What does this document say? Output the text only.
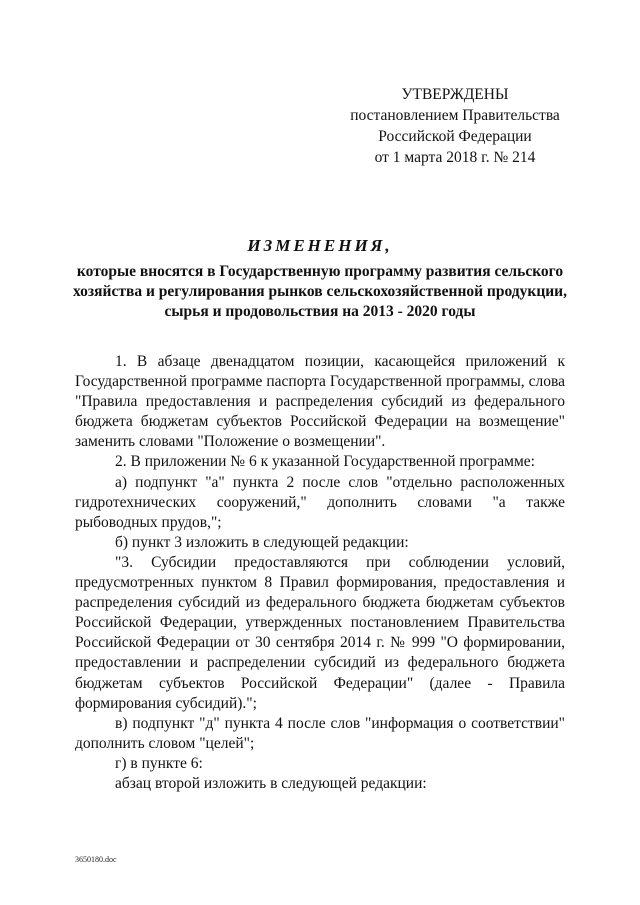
УТВЕРЖДЕНЫ
постановлением Правительства
Российской Федерации
от 1 марта 2018 г. № 214
ИЗМЕНЕНИЯ,
которые вносятся в Государственную программу развития сельского
хозяйства и регулирования рынков сельскохозяйственной продукции,
сырья и продовольствия на 2013 - 2020 годы

1. В абзаце двенадцатом позиции, касающейся приложений к Государственной программе паспорта Государственной программы, слова "Правила предоставления и распределения субсидий из федерального бюджета бюджетам субъектов Российской Федерации на возмещение" заменить словами "Положение о возмещении".

2. В приложении № 6 к указанной Государственной программе:

а) подпункт "а" пункта 2 после слов "отдельно расположенных гидротехнических сооружений," дополнить словами "а также рыбоводных прудов,";

б) пункт 3 изложить в следующей редакции:

"3. Субсидии предоставляются при соблюдении условий, предусмотренных пунктом 8 Правил формирования, предоставления и распределения субсидий из федерального бюджета бюджетам субъектов Российской Федерации, утвержденных постановлением Правительства Российской Федерации от 30 сентября 2014 г. № 999 "О формировании, предоставлении и распределении субсидий из федерального бюджета бюджетам субъектов Российской Федерации" (далее - Правила формирования субсидий).";

в) подпункт "д" пункта 4 после слов "информация о соответствии" дополнить словом "целей";

г) в пункте 6:

абзац второй изложить в следующей редакции:

3650180.doc
